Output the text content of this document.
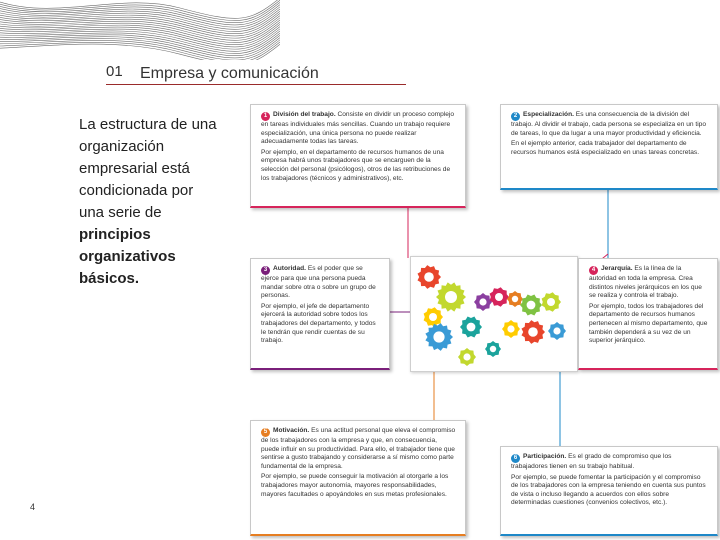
01 Empresa y comunicación
La estructura de una organización empresarial está condicionada por una serie de principios organizativos básicos.
4

1 División del trabajo. Consiste en dividir un proceso complejo en tareas individuales más sencillas. Cuando un trabajo requiere especialización, una única persona no puede realizar adecuadamente todas las tareas.

Por ejemplo, en el departamento de recursos humanos de una empresa habrá unos trabajadores que se encarguen de la selección del personal (psicólogos), otros de las retribuciones de los trabajadores (técnicos y administrativos), etc.

2 Especialización. Es una consecuencia de la división del trabajo. Al dividir el trabajo, cada persona se especializa en un tipo de tareas, lo que da lugar a una mayor productividad y eficiencia.

En el ejemplo anterior, cada trabajador del departamento de recursos humanos está especializado en unas tareas concretas.

3 Autoridad. Es el poder que se ejerce para que una persona pueda mandar sobre otra o sobre un grupo de personas.

Por ejemplo, el jefe de departamento ejercerá la autoridad sobre todos los trabajadores del departamento, y todos le tendrán que rendir cuentas de su trabajo.

4 Jerarquía. Es la línea de la autoridad en toda la empresa. Crea distintos niveles jerárquicos en los que se realiza y controla el trabajo.

Por ejemplo, todos los trabajadores del departamento de recursos humanos pertenecen al mismo departamento, que también dependerá a su vez de un superior jerárquico.

5 Motivación. Es una actitud personal que eleva el compromiso de los trabajadores con la empresa y que, en consecuencia, puede influir en su productividad. Para ello, el trabajador tiene que sentirse a gusto trabajando y considerarse a sí mismo como parte fundamental de la empresa.

Por ejemplo, se puede conseguir la motivación al otorgarle a los trabajadores mayor autonomía, mayores responsabilidades, mayores facultades o apoyándoles en sus metas profesionales.

6 Participación. Es el grado de compromiso que los trabajadores tienen en su trabajo habitual.

Por ejemplo, se puede fomentar la participación y el compromiso de los trabajadores con la empresa teniendo en cuenta sus puntos de vista o incluso llegando a acuerdos con ellos sobre determinadas cuestiones (convenios colectivos, etc.).
